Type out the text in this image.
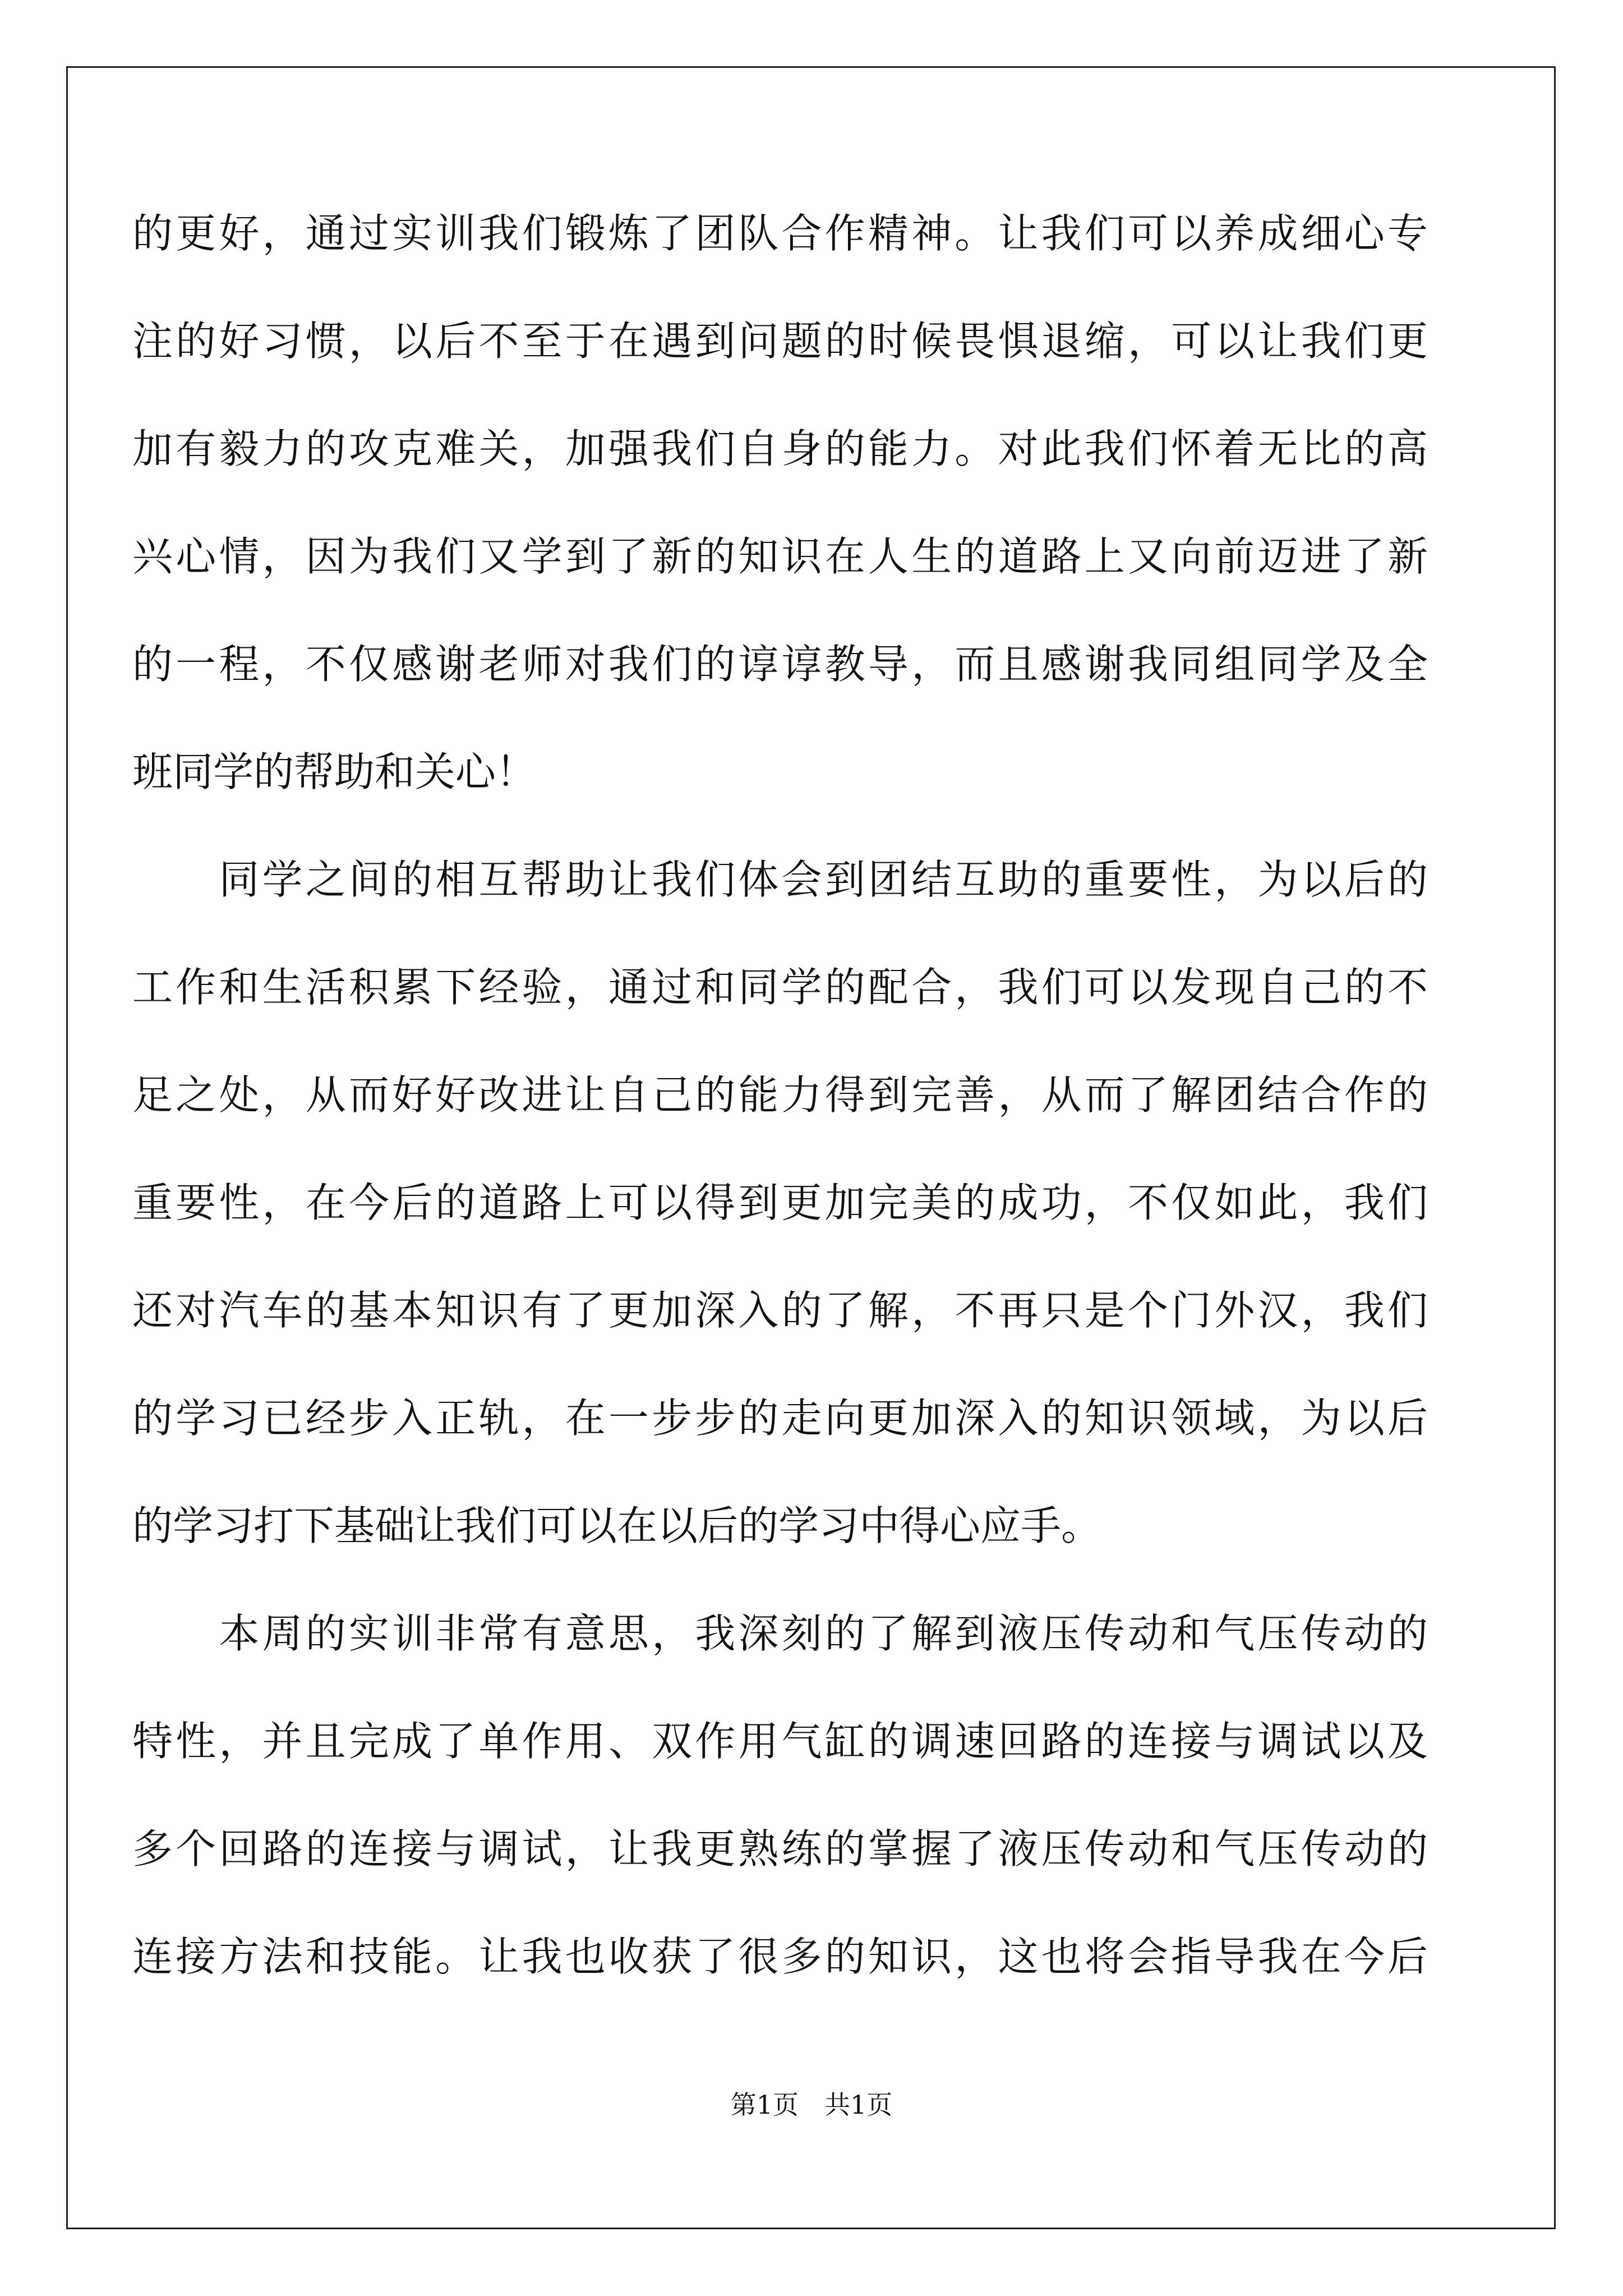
的更好，通过实训我们锻炼了团队合作精神。让我们可以养成细心专
注的好习惯，以后不至于在遇到问题的时候畏惧退缩，可以让我们更
加有毅力的攻克难关，加强我们自身的能力。对此我们怀着无比的高
兴心情，因为我们又学到了新的知识在人生的道路上又向前迈进了新
的一程，不仅感谢老师对我们的谆谆教导，而且感谢我同组同学及全
班同学的帮助和关心！
　　同学之间的相互帮助让我们体会到团结互助的重要性，为以后的
工作和生活积累下经验，通过和同学的配合，我们可以发现自己的不
足之处，从而好好改进让自己的能力得到完善，从而了解团结合作的
重要性，在今后的道路上可以得到更加完美的成功，不仅如此，我们
还对汽车的基本知识有了更加深入的了解，不再只是个门外汉，我们
的学习已经步入正轨，在一步步的走向更加深入的知识领域，为以后
的学习打下基础让我们可以在以后的学习中得心应手。
　　本周的实训非常有意思，我深刻的了解到液压传动和气压传动的
特性，并且完成了单作用、双作用气缸的调速回路的连接与调试以及
多个回路的连接与调试，让我更熟练的掌握了液压传动和气压传动的
连接方法和技能。让我也收获了很多的知识，这也将会指导我在今后
第1页　共1页
